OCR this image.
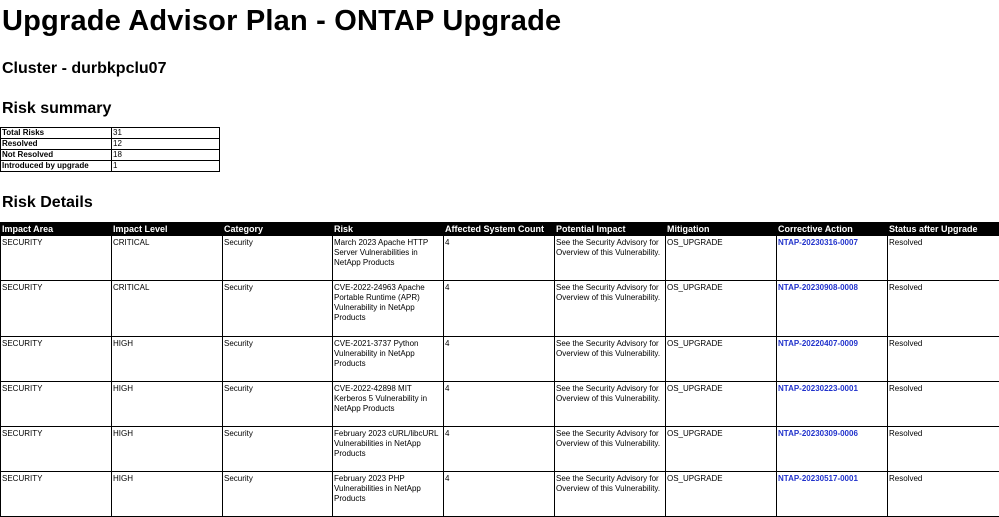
Upgrade Advisor Plan - ONTAP Upgrade
Cluster - durbkpclu07
Risk summary
Total Risks	31
Resolved	12
Not Resolved	18
Introduced by upgrade	1
Risk Details
Impact Area	Impact Level	Category	Risk	Affected System Count	Potential Impact	Mitigation	Corrective Action	Status after Upgrade
SECURITY	CRITICAL	Security	March 2023 Apache HTTP Server Vulnerabilities in NetApp Products	4	See the Security Advisory for Overview of this Vulnerability.	OS_UPGRADE	NTAP-20230316-0007	Resolved
SECURITY	CRITICAL	Security	CVE-2022-24963 Apache Portable Runtime (APR) Vulnerability in NetApp Products	4	See the Security Advisory for Overview of this Vulnerability.	OS_UPGRADE	NTAP-20230908-0008	Resolved
SECURITY	HIGH	Security	CVE-2021-3737 Python Vulnerability in NetApp Products	4	See the Security Advisory for Overview of this Vulnerability.	OS_UPGRADE	NTAP-20220407-0009	Resolved
SECURITY	HIGH	Security	CVE-2022-42898 MIT Kerberos 5 Vulnerability in NetApp Products	4	See the Security Advisory for Overview of this Vulnerability.	OS_UPGRADE	NTAP-20230223-0001	Resolved
SECURITY	HIGH	Security	February 2023 cURL/libcURL Vulnerabilities in NetApp Products	4	See the Security Advisory for Overview of this Vulnerability.	OS_UPGRADE	NTAP-20230309-0006	Resolved
SECURITY	HIGH	Security	February 2023 PHP Vulnerabilities in NetApp Products	4	See the Security Advisory for Overview of this Vulnerability.	OS_UPGRADE	NTAP-20230517-0001	Resolved
